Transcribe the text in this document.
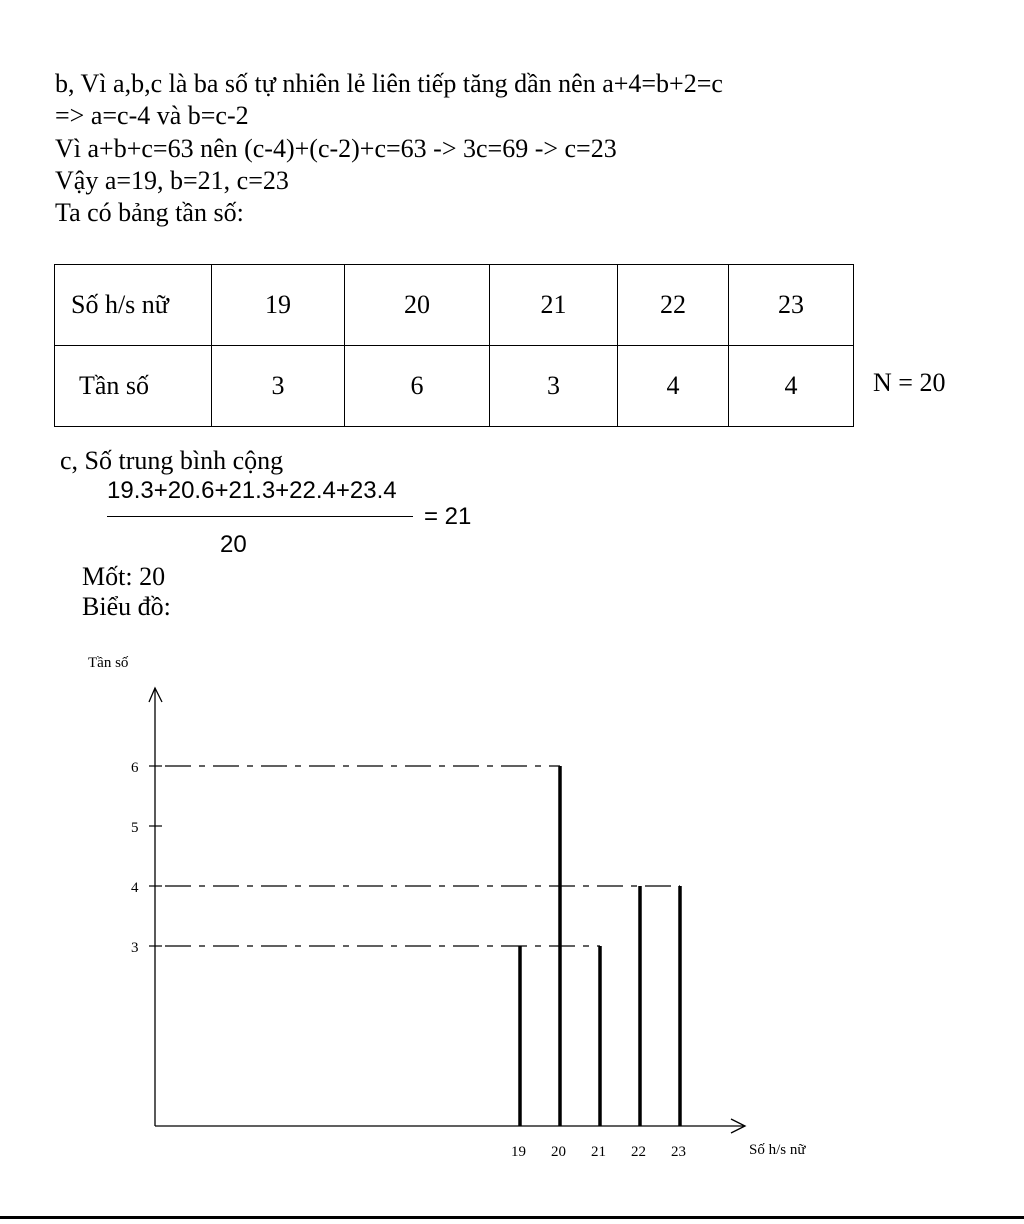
b, Vì a,b,c là ba số tự nhiên lẻ liên tiếp tăng dần nên a+4=b+2=c
=> a=c-4 và b=c-2
Vì a+b+c=63 nên (c-4)+(c-2)+c=63 -> 3c=69 -> c=23
Vậy a=19, b=21, c=23
Ta có bảng tần số:
Số h/s nữ	19	20	21	22	23
Tần số	3	6	3	4	4	N = 20
c, Số trung bình cộng
19.3+20.6+21.3+22.4+23.4
20
= 21
Mốt: 20
Biểu đồ:
Tần số
Số h/s nữ
3
4
5
6
19 20 21 22 23
